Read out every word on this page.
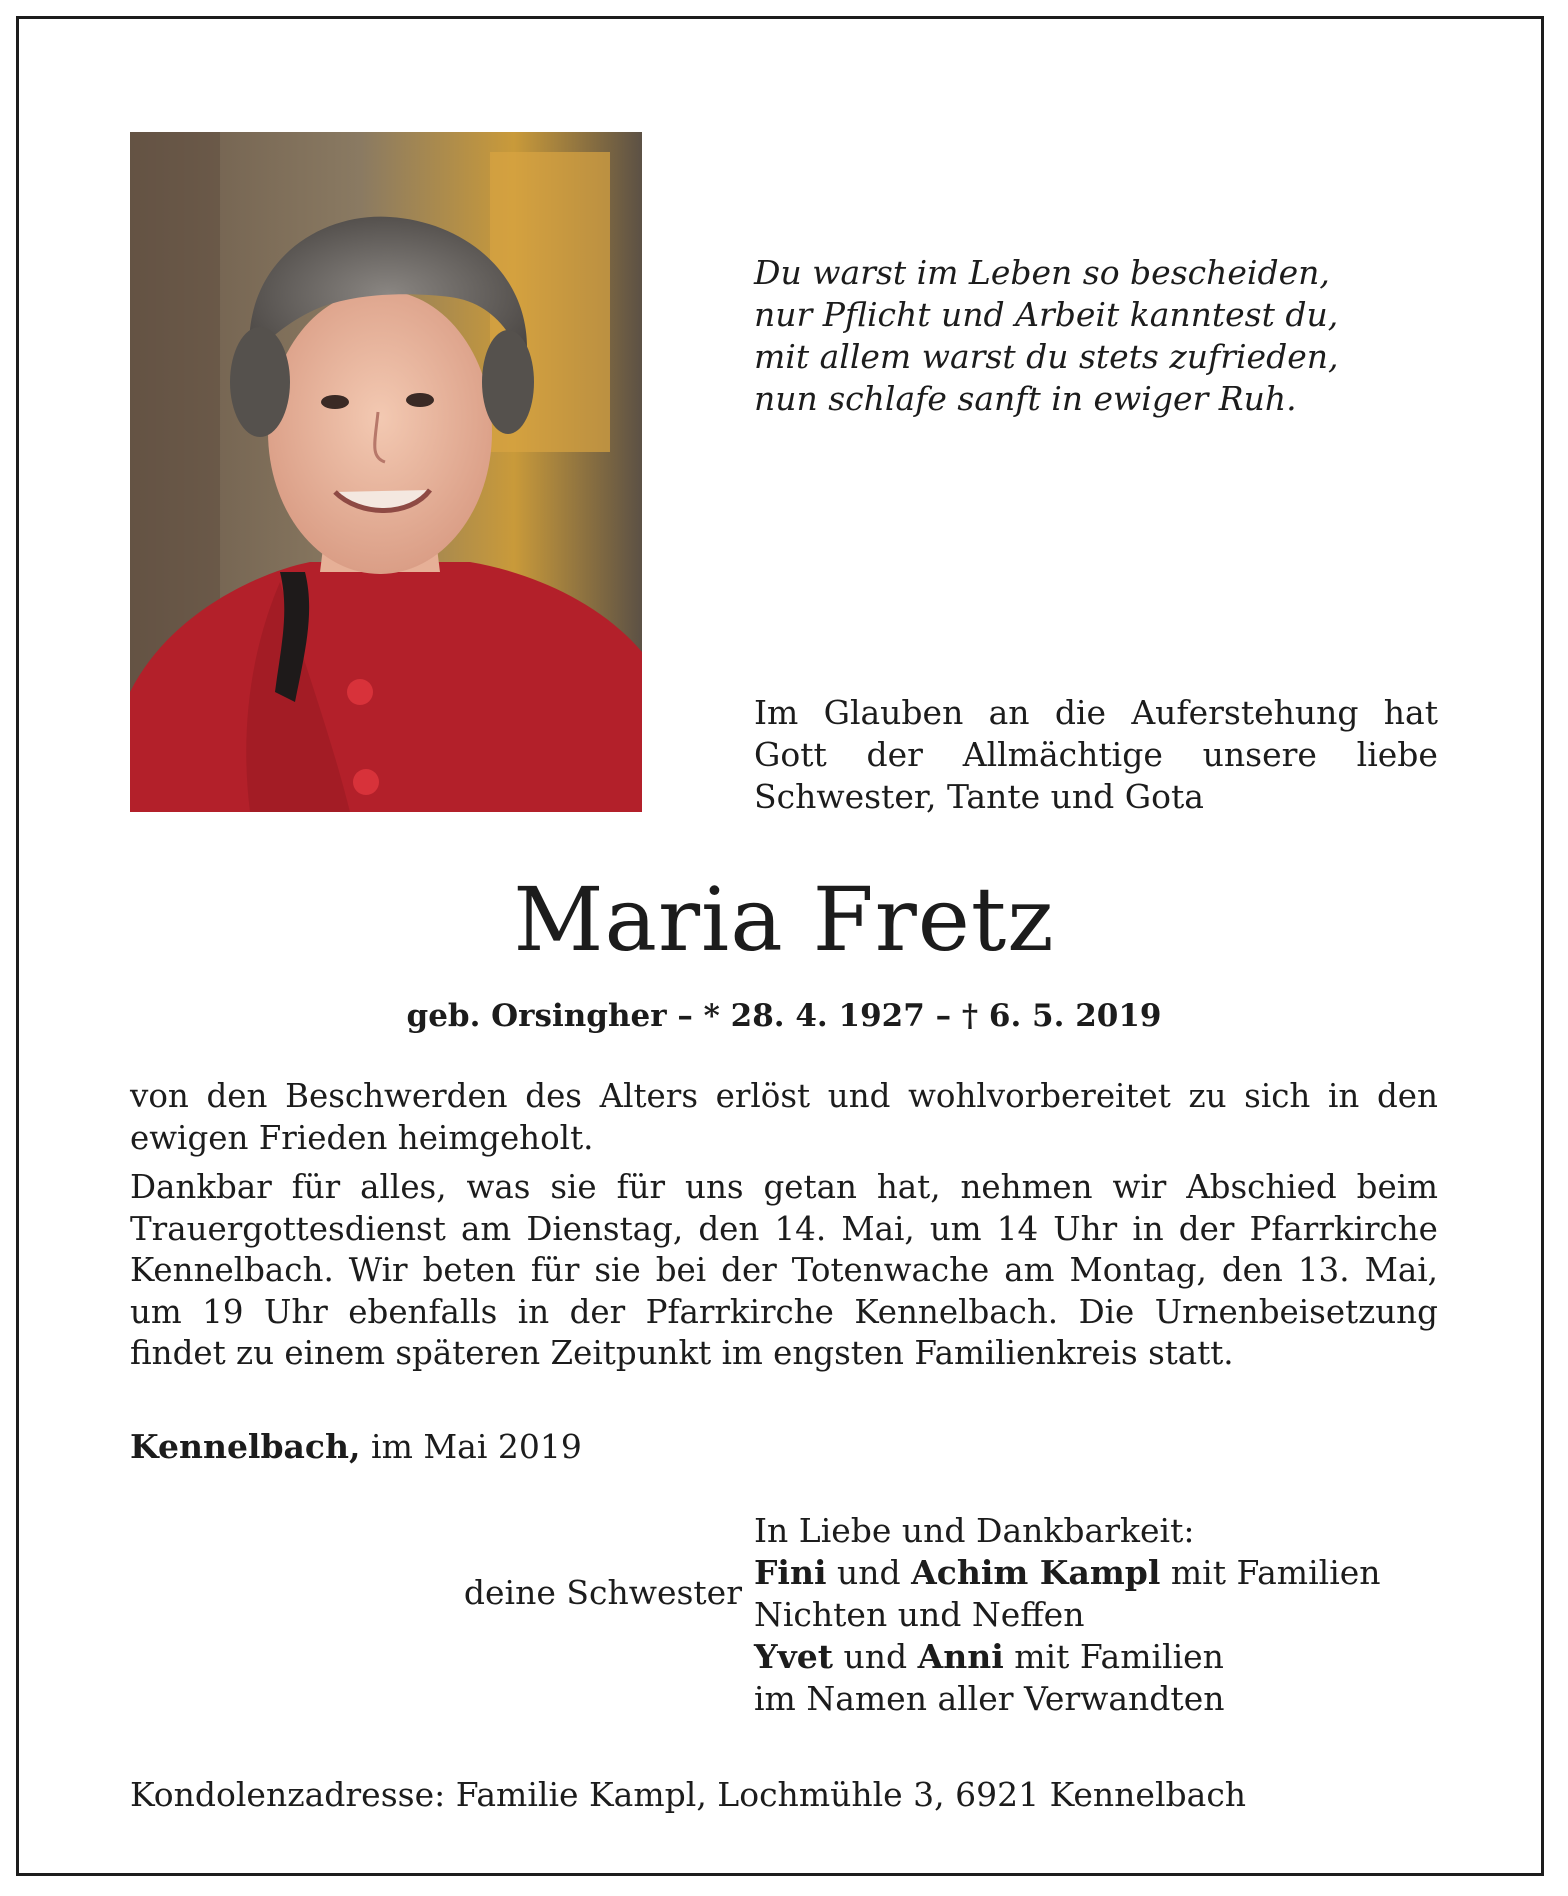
Du warst im Leben so bescheiden,
nur Pflicht und Arbeit kanntest du,
mit allem warst du stets zufrieden,
nun schlafe sanft in ewiger Ruh.
Im Glauben an die Auferstehung hat
Gott der Allmächtige unsere liebe
Schwester, Tante und Gota
Maria Fretz
geb. Orsingher – * 28. 4. 1927 – † 6. 5. 2019
von den Beschwerden des Alters erlöst und wohlvorbereitet zu sich in den
ewigen Frieden heimgeholt.
Dankbar für alles, was sie für uns getan hat, nehmen wir Abschied beim
Trauergottesdienst am Dienstag, den 14. Mai, um 14 Uhr in der Pfarrkirche
Kennelbach. Wir beten für sie bei der Totenwache am Montag, den 13. Mai,
um 19 Uhr ebenfalls in der Pfarrkirche Kennelbach. Die Urnenbeisetzung
findet zu einem späteren Zeitpunkt im engsten Familienkreis statt.
Kennelbach, im Mai 2019
deine Schwester
In Liebe und Dankbarkeit:
Fini und Achim Kampl mit Familien
Nichten und Neffen
Yvet und Anni mit Familien
im Namen aller Verwandten
Kondolenzadresse: Familie Kampl, Lochmühle 3, 6921 Kennelbach
